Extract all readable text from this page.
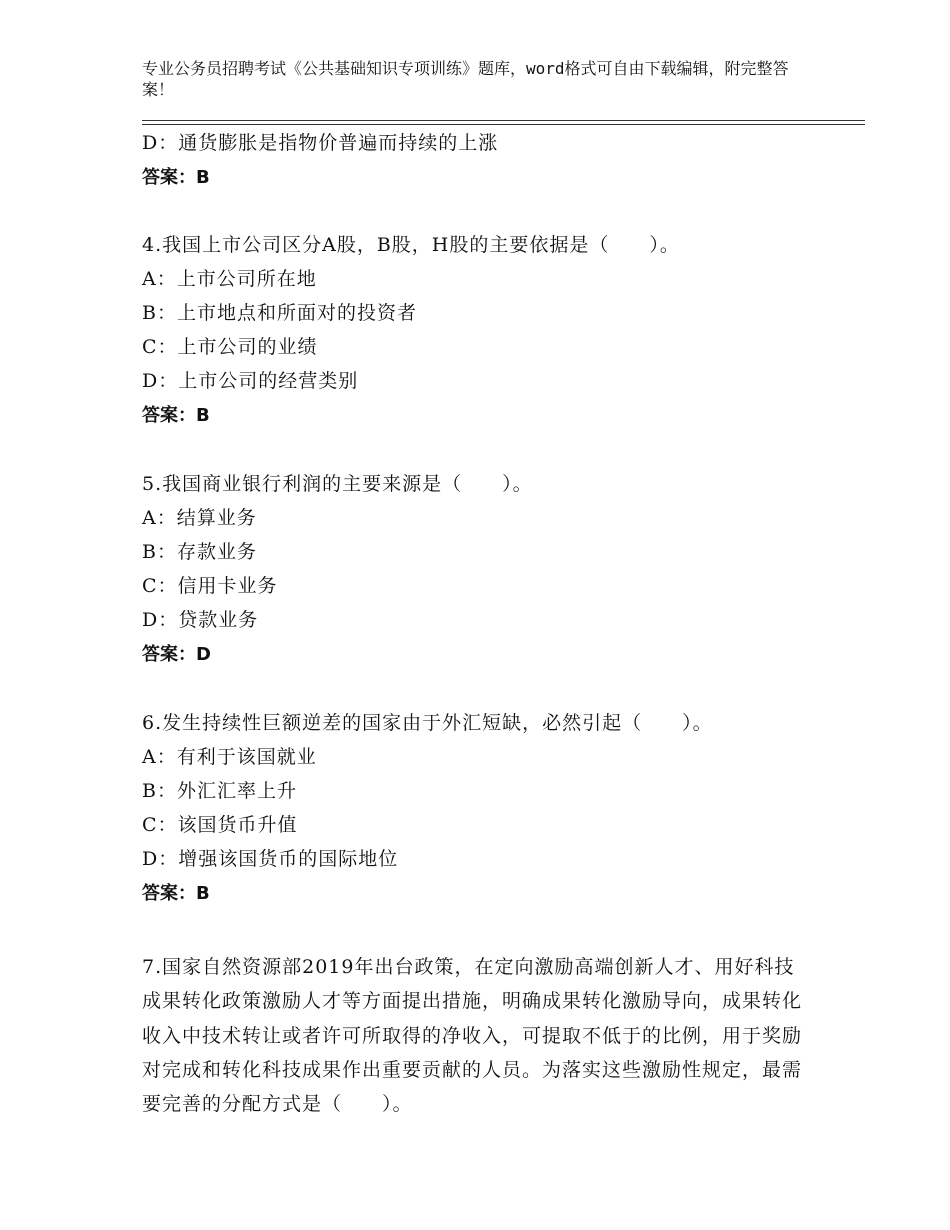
专业公务员招聘考试《公共基础知识专项训练》题库，word格式可自由下载编辑，附完整答案！
D：通货膨胀是指物价普遍而持续的上涨
答案：B
4.我国上市公司区分A股，B股，H股的主要依据是（　　）。
A：上市公司所在地
B：上市地点和所面对的投资者
C：上市公司的业绩
D：上市公司的经营类别
答案：B
5.我国商业银行利润的主要来源是（　　）。
A：结算业务
B：存款业务
C：信用卡业务
D：贷款业务
答案：D
6.发生持续性巨额逆差的国家由于外汇短缺，必然引起（　　）。
A：有利于该国就业
B：外汇汇率上升
C：该国货币升值
D：增强该国货币的国际地位
答案：B
7.国家自然资源部2019年出台政策，在定向激励高端创新人才、用好科技成果转化政策激励人才等方面提出措施，明确成果转化激励导向，成果转化收入中技术转让或者许可所取得的净收入，可提取不低于的比例，用于奖励对完成和转化科技成果作出重要贡献的人员。为落实这些激励性规定，最需要完善的分配方式是（　　）。
